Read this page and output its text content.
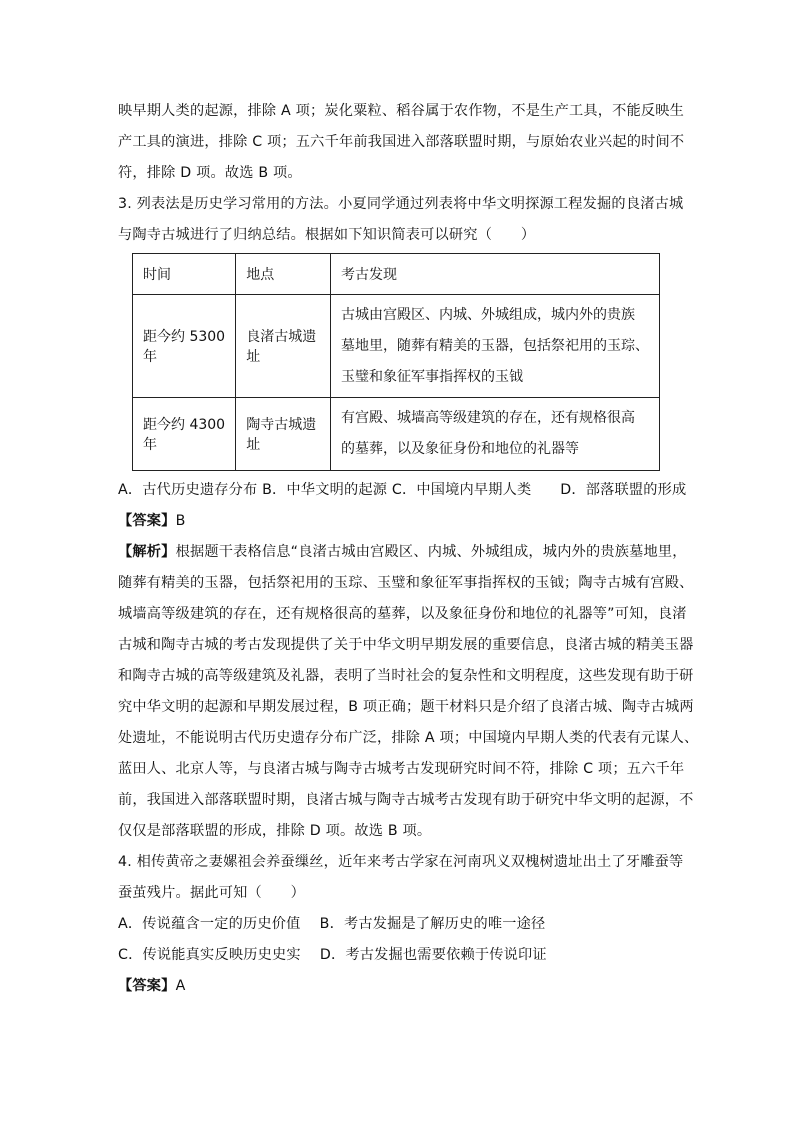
映早期人类的起源，排除 A 项；炭化粟粒、稻谷属于农作物，不是生产工具，不能反映生
产工具的演进，排除 C 项；五六千年前我国进入部落联盟时期，与原始农业兴起的时间不
符，排除 D 项。故选 B 项。
3. 列表法是历史学习常用的方法。小夏同学通过列表将中华文明探源工程发掘的良渚古城
与陶寺古城进行了归纳总结。根据如下知识简表可以研究（　　）
时间	地点	考古发现
距今约 5300 年	良渚古城遗址	古城由宫殿区、内城、外城组成，城内外的贵族
墓地里，随葬有精美的玉器，包括祭祀用的玉琮、
玉璧和象征军事指挥权的玉钺

距今约 4300 年	陶寺古城遗址	有宫殿、城墙高等级建筑的存在，还有规格很高
的墓葬，以及象征身份和地位的礼器等
A．古代历史遗存分布 B．中华文明的起源 C．中国境内早期人类　　D．部落联盟的形成
【答案】B
【解析】根据题干表格信息“良渚古城由宫殿区、内城、外城组成，城内外的贵族墓地里，
随葬有精美的玉器，包括祭祀用的玉琮、玉璧和象征军事指挥权的玉钺；陶寺古城有宫殿、
城墙高等级建筑的存在，还有规格很高的墓葬，以及象征身份和地位的礼器等”可知，良渚
古城和陶寺古城的考古发现提供了关于中华文明早期发展的重要信息，良渚古城的精美玉器
和陶寺古城的高等级建筑及礼器，表明了当时社会的复杂性和文明程度，这些发现有助于研
究中华文明的起源和早期发展过程，B 项正确；题干材料只是介绍了良渚古城、陶寺古城两
处遗址，不能说明古代历史遗存分布广泛，排除 A 项；中国境内早期人类的代表有元谋人、
蓝田人、北京人等，与良渚古城与陶寺古城考古发现研究时间不符，排除 C 项；五六千年
前，我国进入部落联盟时期，良渚古城与陶寺古城考古发现有助于研究中华文明的起源，不
仅仅是部落联盟的形成，排除 D 项。故选 B 项。
4. 相传黄帝之妻嫘祖会养蚕缫丝，近年来考古学家在河南巩义双槐树遗址出土了牙雕蚕等
蚕茧残片。据此可知（　　）
A．传说蕴含一定的历史价值　 B．考古发掘是了解历史的唯一途径
C．传说能真实反映历史史实　 D．考古发掘也需要依赖于传说印证
【答案】A
